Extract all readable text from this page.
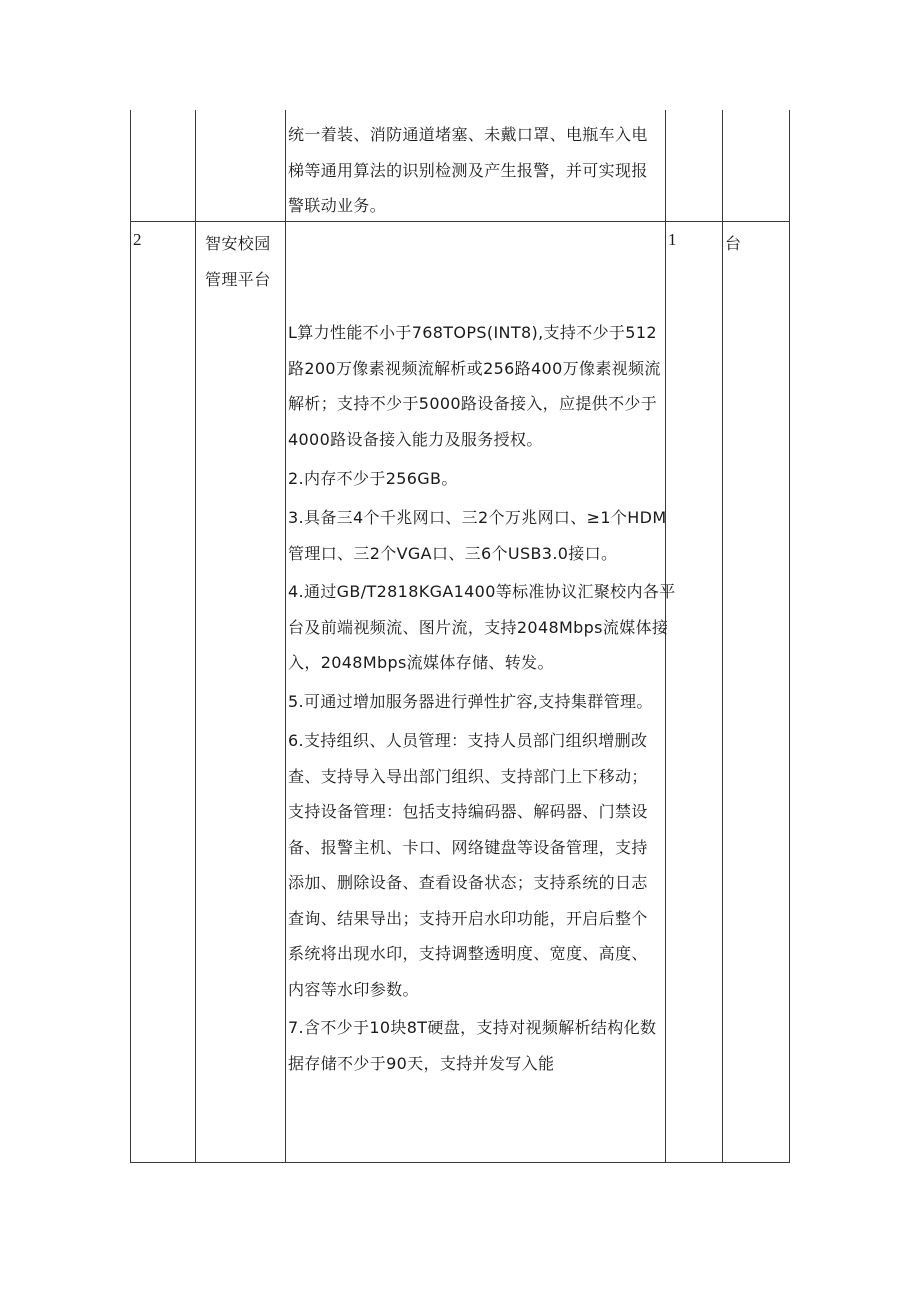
统一着装、消防通道堵塞、未戴口罩、电瓶车入电
梯等通用算法的识别检测及产生报警，并可实现报
警联动业务。
2	智安校园
管理平台
1	台
L算力性能不小于768TOPS(INT8),支持不少于512
路200万像素视频流解析或256路400万像素视频流
解析；支持不少于5000路设备接入，应提供不少于
4000路设备接入能力及服务授权。
2.内存不少于256GB。
3.具备三4个千兆网口、三2个万兆网口、≥1个HDM
管理口、三2个VGA口、三6个USB3.0接口。
4.通过GB/T2818KGA1400等标准协议汇聚校内各平
台及前端视频流、图片流，支持2048Mbps流媒体接
入，2048Mbps流媒体存储、转发。
5.可通过增加服务器进行弹性扩容,支持集群管理。
6.支持组织、人员管理：支持人员部门组织增删改
查、支持导入导出部门组织、支持部门上下移动；
支持设备管理：包括支持编码器、解码器、门禁设
备、报警主机、卡口、网络键盘等设备管理，支持
添加、删除设备、查看设备状态；支持系统的日志
查询、结果导出；支持开启水印功能，开启后整个
系统将出现水印，支持调整透明度、宽度、高度、
内容等水印参数。
7.含不少于10块8T硬盘，支持对视频解析结构化数
据存储不少于90天，支持并发写入能
